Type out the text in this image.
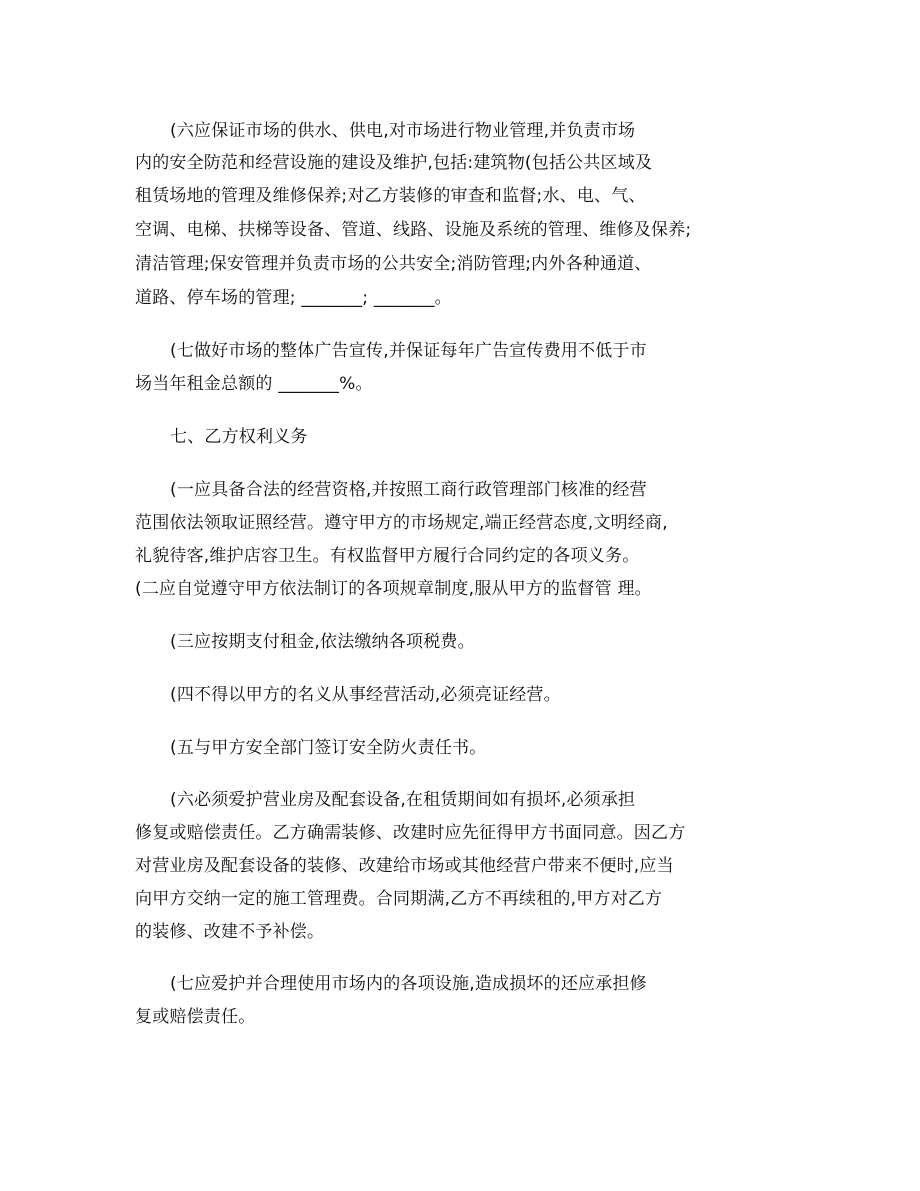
(六应保证市场的供水、供电,对市场进行物业管理,并负责市场
内的安全防范和经营设施的建设及维护,包括:建筑物(包括公共区域及
租赁场地的管理及维修保养;对乙方装修的审查和监督;水、电、气、
空调、电梯、扶梯等设备、管道、线路、设施及系统的管理、维修及保养;
清洁管理;保安管理并负责市场的公共安全;消防管理;内外各种通道、
道路、停车场的管理; _______; _______。
(七做好市场的整体广告宣传,并保证每年广告宣传费用不低于市
场当年租金总额的 _______%。
七、乙方权利义务
(一应具备合法的经营资格,并按照工商行政管理部门核准的经营
范围依法领取证照经营。遵守甲方的市场规定,端正经营态度,文明经商,
礼貌待客,维护店容卫生。有权监督甲方履行合同约定的各项义务。
(二应自觉遵守甲方依法制订的各项规章制度,服从甲方的监督管 理。
(三应按期支付租金,依法缴纳各项税费。
(四不得以甲方的名义从事经营活动,必须亮证经营。
(五与甲方安全部门签订安全防火责任书。
(六必须爱护营业房及配套设备,在租赁期间如有损坏,必须承担
修复或赔偿责任。乙方确需装修、改建时应先征得甲方书面同意。因乙方
对营业房及配套设备的装修、改建给市场或其他经营户带来不便时,应当
向甲方交纳一定的施工管理费。合同期满,乙方不再续租的,甲方对乙方
的装修、改建不予补偿。
(七应爱护并合理使用市场内的各项设施,造成损坏的还应承担修
复或赔偿责任。
